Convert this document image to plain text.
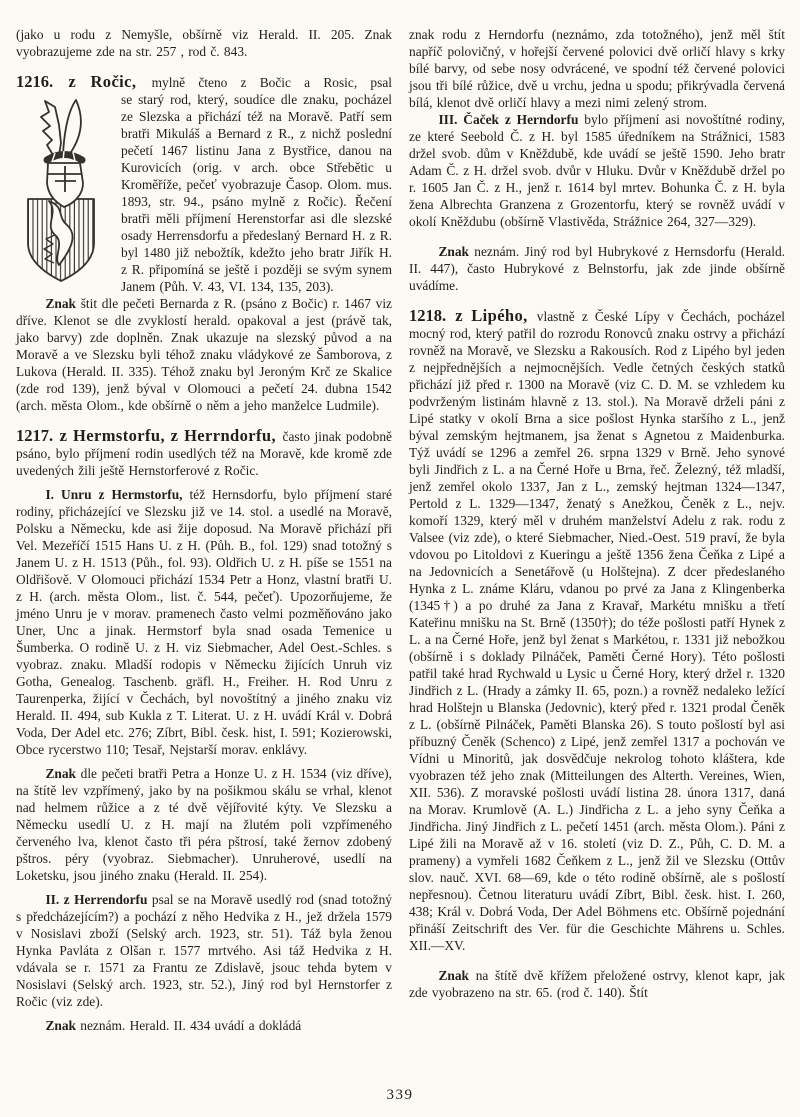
(jako u rodu z Nemyšle, obšírně viz Herald. II. 205. Znak vyobrazujeme zde na str. 257 , rod č. 843.

1216. z Ročic, mylně čteno z Bočic a Rosic, psal

se starý rod, který, soudíce dle znaku, pocházel ze Slezska a přichází též na Moravě. Patří sem bratři Mikuláš a Bernard z R., z nichž poslední pečetí 1467 listinu Jana z Bystřice, danou na Kurovicích (orig. v arch. obce Střebětic u Kroměříže, pečeť vyobrazuje Časop. Olom. mus. 1893, str. 94., psáno mylně z Ročic). Řečení bratři měli příjmení Herenstorfar asi dle slezské osady Herrensdorfu a předeslaný Bernard H. z R. byl 1480 již nebožtík, kdežto jeho bratr Jiřík H. z R. připomíná se ještě i později se svým synem Janem (Půh. V. 43, VI. 134, 135, 203).

Znak štit dle pečeti Bernarda z R. (psáno z Bočic) r. 1467 viz dříve. Klenot se dle zvyklostí herald. opakoval a jest (právě tak, jako barvy) zde doplněn. Znak ukazuje na slezský původ a na Moravě a ve Slezsku byli téhož znaku vládykové ze Šamborova, z Lukova (Herald. II. 335). Téhož znaku byl Jeroným Krč ze Skalice (zde rod 139), jenž býval v Olomouci a pečetí 24. dubna 1542 (arch. města Olom., kde obšírně o něm a jeho manželce Ludmile).

1217. z Hermstorfu, z Herrndorfu, často jinak podobně psáno, bylo příjmení rodin usedlých též na Moravě, kde kromě zde uvedených žili ještě Hernstorferové z Ročic.

I. Unru z Hermstorfu, též Hernsdorfu, bylo příjmení staré rodiny, přicházející ve Slezsku již ve 14. stol. a usedlé na Moravě, Polsku a Německu, kde asi žije doposud. Na Moravě přichází při Vel. Mezeříčí 1515 Hans U. z H. (Půh. B., fol. 129) snad totožný s Janem U. z H. 1513 (Půh., fol. 93). Oldřich U. z H. píše se 1551 na Oldřišově. V Olomouci přichází 1534 Petr a Honz, vlastní bratři U. z H. (arch. města Olom., list. č. 544, pečeť). Upozorňujeme, že jméno Unru je v morav. pramenech často velmi pozměňováno jako Uner, Unc a jinak. Hermstorf byla snad osada Temenice u Šumberka. O rodině U. z H. viz Siebmacher, Adel Oest.-Schles. s vyobraz. znaku. Mladší rodopis v Německu žijících Unruh viz Gotha, Genealog. Taschenb. gräfl. H., Freiher. H. Rod Unru z Taurenperka, žijící v Čechách, byl novoštítný a jiného znaku viz Herald. II. 494, sub Kukla z T. Literat. U. z H. uvádí Král v. Dobrá Voda, Der Adel etc. 276; Zíbrt, Bibl. česk. hist, I. 591; Kozierowski, Obce rycerstwo 110; Tesař, Nejstarší morav. enklávy.

Znak dle pečeti bratři Petra a Honze U. z H. 1534 (viz dříve), na štítě lev vzpřímený, jako by na pošikmou skálu se vrhal, klenot nad helmem růžice a z té dvě vějířovité kýty. Ve Slezsku a Německu usedlí U. z H. mají na žlutém poli vzpřímeného červeného lva, klenot často tři péra pštrosí, také žernov zdobený pštros. péry (vyobraz. Siebmacher). Unruherové, usedlí na Loketsku, jsou jiného znaku (Herald. II. 254).

II. z Herrendorfu psal se na Moravě usedlý rod (snad totožný s předcházejícím?) a pochází z něho Hedvika z H., jež držela 1579 v Nosislavi zboží (Selský arch. 1923, str. 51). Táž byla ženou Hynka Pavláta z Olšan r. 1577 mrtvého. Asi táž Hedvika z H. vdávala se r. 1571 za Frantu ze Zdislavě, jsouc tehda bytem v Nosislavi (Selský arch. 1923, str. 52.), Jiný rod byl Hernstorfer z Ročic (viz zde).

Znak neznám. Herald. II. 434 uvádí a dokládá

znak rodu z Herndorfu (neznámo, zda totožného), jenž měl štít napříč polovičný, v hořejší červené polovici dvě orličí hlavy s krky bílé barvy, od sebe nosy odvrácené, ve spodní též červené polovici jsou tři bílé růžice, dvě u vrchu, jedna u spodu; přikrývadla červená bílá, klenot dvě orličí hlavy a mezi nimi zelený strom.

III. Čaček z Herndorfu bylo příjmení asi novoštítné rodiny, ze které Seebold Č. z H. byl 1585 úředníkem na Strážnici, 1583 držel svob. dům v Kněždubě, kde uvádí se ještě 1590. Jeho bratr Adam Č. z H. držel svob. dvůr v Hluku. Dvůr v Kněždubě držel po r. 1605 Jan Č. z H., jenž r. 1614 byl mrtev. Bohunka Č. z H. byla žena Albrechta Granzena z Grozentorfu, který se rovněž uvádí v okolí Kněždubu (obšírně Vlastivěda, Strážnice 264, 327—329).

Znak neznám. Jiný rod byl Hubrykové z Hernsdorfu (Herald. II. 447), často Hubrykové z Belnstorfu, jak zde jinde obšírně uvádíme.

1218. z Lipého, vlastně z České Lípy v Čechách, pocházel mocný rod, který patřil do rozrodu Ronovců znaku ostrvy a přichází rovněž na Moravě, ve Slezsku a Rakousích. Rod z Lipého byl jeden z nejpřednějších a nejmocnějších. Vedle četných českých statků přichází již před r. 1300 na Moravě (viz C. D. M. se vzhledem ku podvrženým listinám hlavně z 13. stol.). Na Moravě drželi páni z Lipé statky v okolí Brna a sice pošlost Hynka staršího z L., jenž býval zemským hejtmanem, jsa ženat s Agnetou z Maidenburka. Týž uvádí se 1296 a zemřel 26. srpna 1329 v Brně. Jeho synové byli Jindřich z L. a na Černé Hoře u Brna, řeč. Železný, též mladší, jenž zemřel okolo 1337, Jan z L., zemský hejtman 1324—1347, Pertold z L. 1329—1347, ženatý s Anežkou, Čeněk z L., nejv. komoří 1329, který měl v druhém manželství Adelu z rak. rodu z Valsee (viz zde), o které Siebmacher, Nied.-Oest. 519 praví, že byla vdovou po Litoldovi z Kueringu a ještě 1356 žena Čeňka z Lipé a na Jedovnicích a Senetářově (u Holštejna). Z dcer předeslaného Hynka z L. známe Kláru, vdanou po prvé za Jana z Klingenberka (1345†) a po druhé za Jana z Kravař, Markétu mnišku a třetí Kateřinu mnišku na St. Brně (1350†); do téže pošlosti patří Hynek z L. a na Černé Hoře, jenž byl ženat s Markétou, r. 1331 již nebožkou (obšírně i s doklady Pilnáček, Paměti Černé Hory). Této pošlosti patřil také hrad Rychwald u Lysic u Černé Hory, který držel r. 1320 Jindřich z L. (Hrady a zámky II. 65, pozn.) a rovněž nedaleko ležící hrad Holštejn u Blanska (Jedovnic), který před r. 1321 prodal Čeněk z L. (obšírně Pilnáček, Paměti Blanska 26). S touto pošlostí byl asi příbuzný Čeněk (Schenco) z Lipé, jenž zemřel 1317 a pochován ve Vídni u Minoritů, jak dosvědčuje nekrolog tohoto kláštera, kde vyobrazen též jeho znak (Mitteilungen des Alterth. Vereines, Wien, XII. 536). Z moravské pošlosti uvádí listina 28. února 1317, daná na Morav. Krumlově (A. L.) Jindřicha z L. a jeho syny Čeňka a Jindřicha. Jiný Jindřich z L. pečetí 1451 (arch. města Olom.). Páni z Lipé žili na Moravě až v 16. století (viz D. Z., Půh, C. D. M. a prameny) a vymřeli 1682 Čeňkem z L., jenž žil ve Slezsku (Ottův slov. nauč. XVI. 68—69, kde o této rodině obšírně, ale s pošlostí nepřesnou). Četnou literaturu uvádí Zíbrt, Bibl. česk. hist. I. 260, 438; Král v. Dobrá Voda, Der Adel Böhmens etc. Obšírně pojednání přináší Zeitschrift des Ver. für die Geschichte Mährens u. Schles. XII.—XV.

Znak na štítě dvě křížem přeložené ostrvy, klenot kapr, jak zde vyobrazeno na str. 65. (rod č. 140). Štít

339
